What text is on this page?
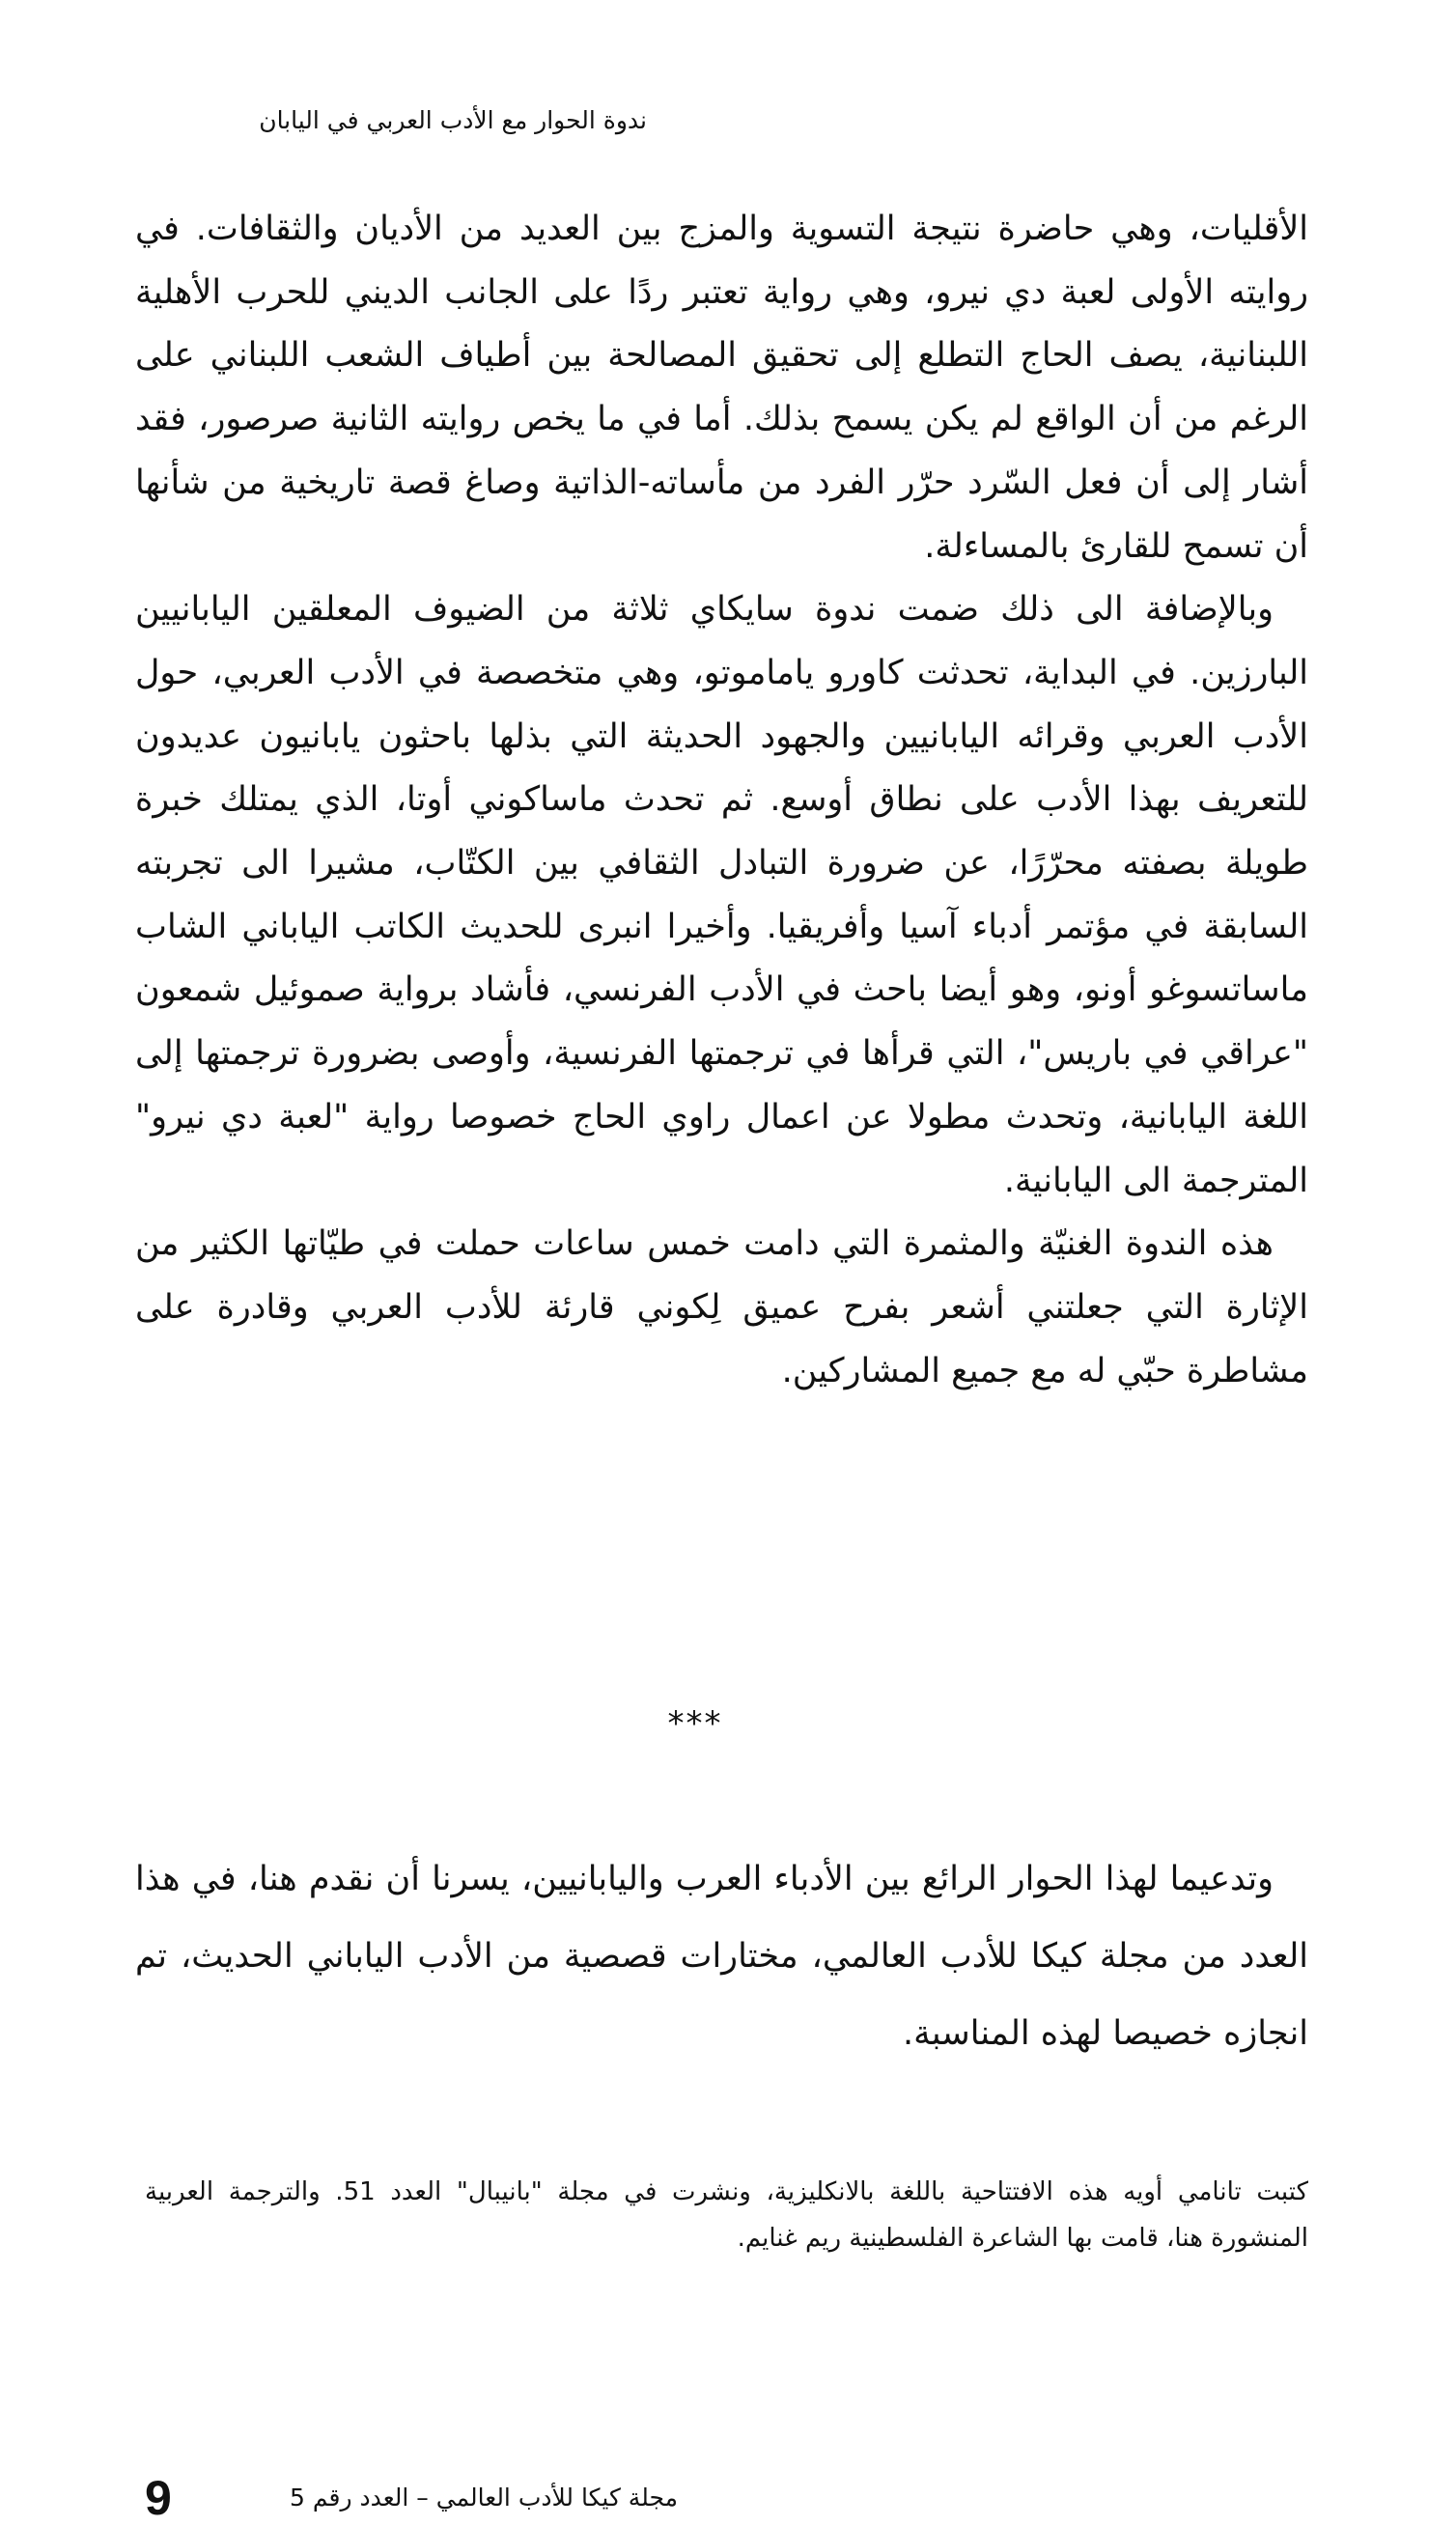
ندوة الحوار مع الأدب العربي في اليابان

الأقليات، وهي حاضرة نتيجة التسوية والمزج بين العديد من الأديان والثقافات. في روايته الأولى لعبة دي نيرو، وهي رواية تعتبر ردًا على الجانب الديني للحرب الأهلية اللبنانية، يصف الحاج التطلع إلى تحقيق المصالحة بين أطياف الشعب اللبناني على الرغم من أن الواقع لم يكن يسمح بذلك. أما في ما يخص روايته الثانية صرصور، فقد أشار إلى أن فعل السّرد حرّر الفرد من مأساته-الذاتية وصاغ قصة تاريخية من شأنها أن تسمح للقارئ بالمساءلة.

وبالإضافة الى ذلك ضمت ندوة سايكاي ثلاثة من الضيوف المعلقين اليابانيين البارزين. في البداية، تحدثت كاورو ياماموتو، وهي متخصصة في الأدب العربي، حول الأدب العربي وقرائه اليابانيين والجهود الحديثة التي بذلها باحثون يابانيون عديدون للتعريف بهذا الأدب على نطاق أوسع. ثم تحدث ماساكوني أوتا، الذي يمتلك خبرة طويلة بصفته محرّرًا، عن ضرورة التبادل الثقافي بين الكتّاب، مشيرا الى تجربته السابقة في مؤتمر أدباء آسيا وأفريقيا. وأخيرا انبرى للحديث الكاتب الياباني الشاب ماساتسوغو أونو، وهو أيضا باحث في الأدب الفرنسي، فأشاد برواية صموئيل شمعون "عراقي في باريس"، التي قرأها في ترجمتها الفرنسية، وأوصى بضرورة ترجمتها إلى اللغة اليابانية، وتحدث مطولا عن اعمال راوي الحاج خصوصا رواية "لعبة دي نيرو" المترجمة الى اليابانية.

هذه الندوة الغنيّة والمثمرة التي دامت خمس ساعات حملت في طيّاتها الكثير من الإثارة التي جعلتني أشعر بفرح عميق لِكوني قارئة للأدب العربي وقادرة على مشاطرة حبّي له مع جميع المشاركين.

***

وتدعيما لهذا الحوار الرائع بين الأدباء العرب واليابانيين، يسرنا أن نقدم هنا، في هذا العدد من مجلة كيكا للأدب العالمي، مختارات قصصية من الأدب الياباني الحديث، تم انجازه خصيصا لهذه المناسبة.

كتبت تانامي أويه هذه الافتتاحية باللغة بالانكليزية، ونشرت في مجلة "بانيبال" العدد 51. والترجمة العربية المنشورة هنا، قامت بها الشاعرة الفلسطينية ريم غنايم.

9	مجلة كيكا للأدب العالمي – العدد رقم 5
